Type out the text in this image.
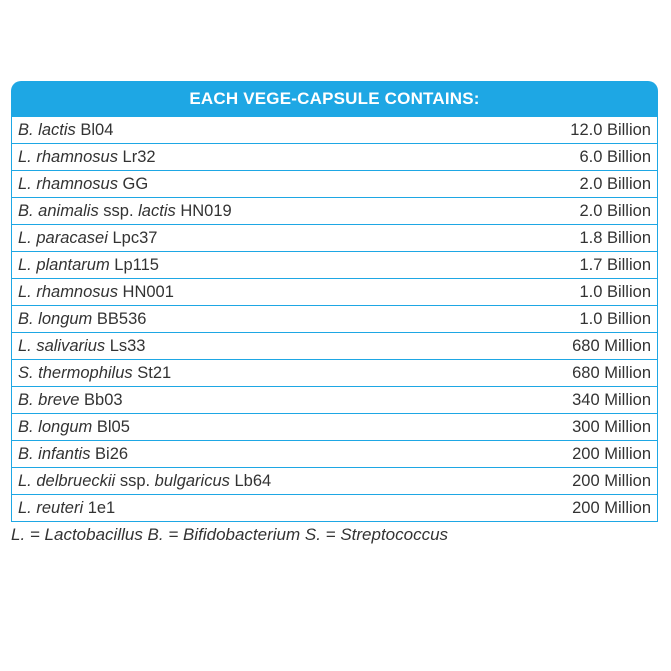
EACH VEGE-CAPSULE CONTAINS:
B. lactis Bl04	12.0 Billion
L. rhamnosus Lr32	6.0 Billion
L. rhamnosus GG	2.0 Billion
B. animalis ssp. lactis HN019	2.0 Billion
L. paracasei Lpc37	1.8 Billion
L. plantarum Lp115	1.7 Billion
L. rhamnosus HN001	1.0 Billion
B. longum BB536	1.0 Billion
L. salivarius Ls33	680 Million
S. thermophilus St21	680 Million
B. breve Bb03	340 Million
B. longum Bl05	300 Million
B. infantis Bi26	200 Million
L. delbrueckii ssp. bulgaricus Lb64	200 Million
L. reuteri 1e1	200 Million
L. = Lactobacillus B. = Bifidobacterium S. = Streptococcus
